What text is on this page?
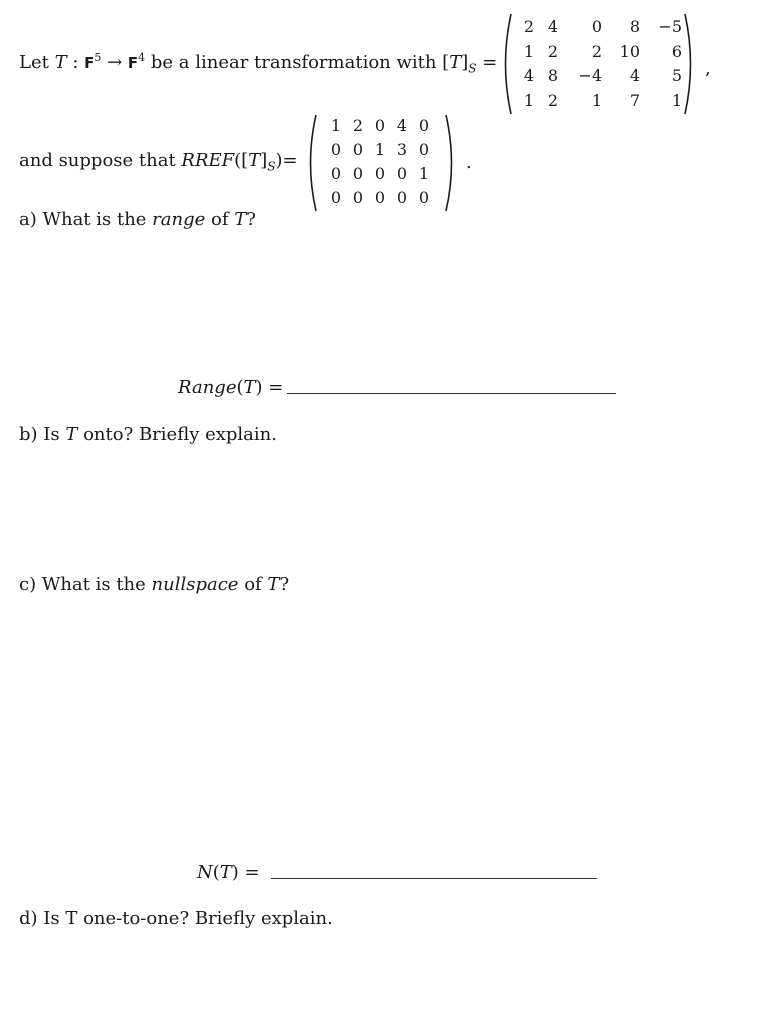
Let T : $F^5 \to F^4$ be a linear transformation with $[T]_S$ =
2 4	0	8	−5
1 2	2	10	6
4 8	−4	4	5
1 2	1	7	1
,
and suppose that $RREF([T]_S)=$
1 2 0 4 0
0 0 1 3 0
0 0 0 0 1
0 0 0 0 0
.
a) What is the range of T?
Range(T) =
b) Is T onto? Briefly explain.
c) What is the nullspace of T?
N(T) =
d) Is T one-to-one? Briefly explain.
